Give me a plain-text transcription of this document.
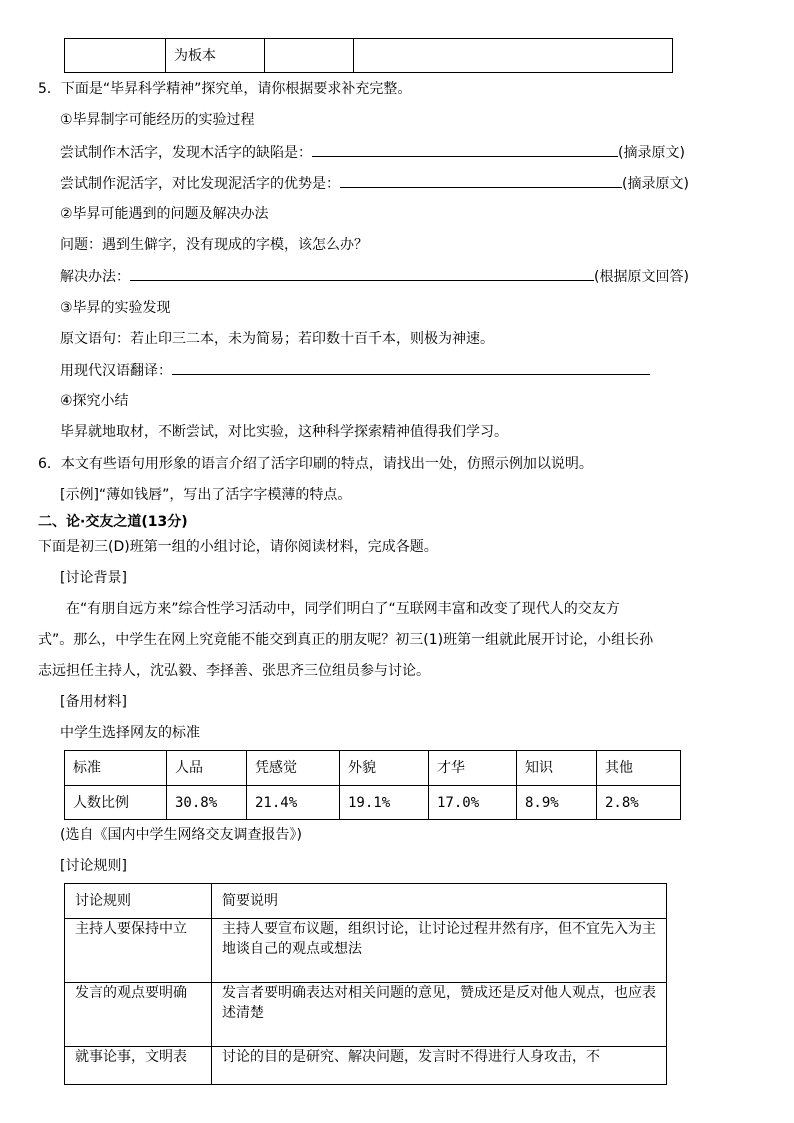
	为板本		
5．下面是“毕昇科学精神”探究单，请你根据要求补充完整。
①毕昇制字可能经历的实验过程
尝试制作木活字，发现木活字的缺陷是：	(摘录原文)
尝试制作泥活字，对比发现泥活字的优势是：	(摘录原文)
②毕昇可能遇到的问题及解决办法
问题：遇到生僻字，没有现成的字模，该怎么办？
解决办法：	(根据原文回答)
③毕昇的实验发现
原文语句：若止印三二本，未为简易；若印数十百千本，则极为神速。
用现代汉语翻译：
④探究小结
毕昇就地取材，不断尝试，对比实验，这种科学探索精神值得我们学习。
6．本文有些语句用形象的语言介绍了活字印刷的特点，请找出一处，仿照示例加以说明。
[示例]“薄如钱唇”，写出了活字字模薄的特点。
二、论·交友之道(13分)
下面是初三(D)班第一组的小组讨论，请你阅读材料，完成各题。
[讨论背景]
在“有朋自远方来”综合性学习活动中，同学们明白了“互联网丰富和改变了现代人的交友方
式”。那么，中学生在网上究竟能不能交到真正的朋友呢？初三(1)班第一组就此展开讨论，小组长孙
志远担任主持人，沈弘毅、李择善、张思齐三位组员参与讨论。
[备用材料]
中学生选择网友的标准
标准	人品	凭感觉	外貌	才华	知识	其他
人数比例	30.8%	21.4%	19.1%	17.0%	8.9%	2.8%
(选自《国内中学生网络交友调查报告》)
[讨论规则]
讨论规则	简要说明
主持人要保持中立	主持人要宣布议题，组织讨论，让讨论过程井然有序，但不宜先入为主地谈自己的观点或想法
发言的观点要明确	发言者要明确表达对相关问题的意见，赞成还是反对他人观点，也应表述清楚
就事论事，文明表	讨论的目的是研究、解决问题，发言时不得进行人身攻击，不
